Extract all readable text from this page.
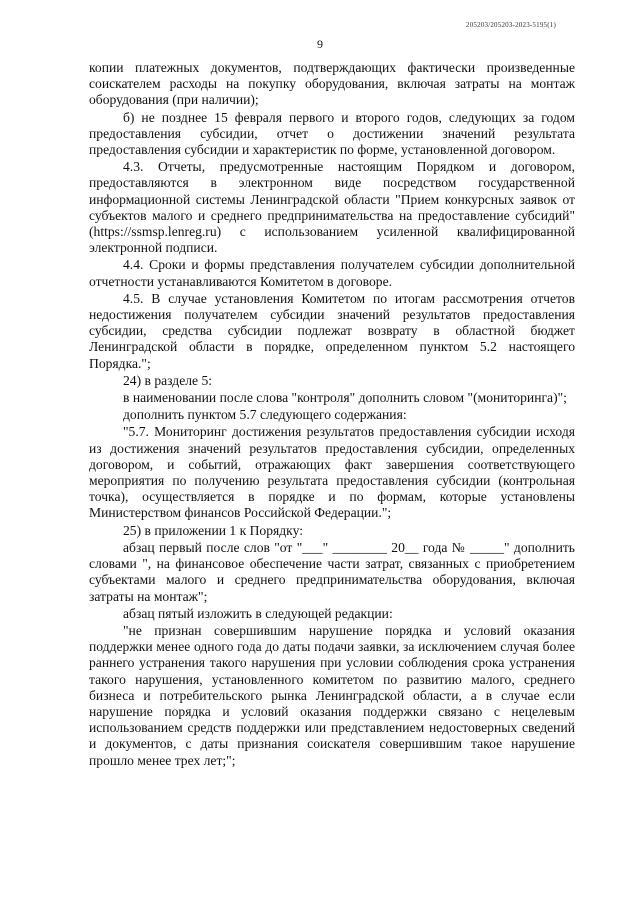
205203/205203-2023-5195(1)
9

копии платежных документов, подтверждающих фактически произведенные соискателем расходы на покупку оборудования, включая затраты на монтаж оборудования (при наличии);

б) не позднее 15 февраля первого и второго годов, следующих за годом предоставления субсидии, отчет о достижении значений результата предоставления субсидии и характеристик по форме, установленной договором.

4.3. Отчеты, предусмотренные настоящим Порядком и договором, предоставляются в электронном виде посредством государственной информационной системы Ленинградской области "Прием конкурсных заявок от субъектов малого и среднего предпринимательства на предоставление субсидий" (https://ssmsp.lenreg.ru) с использованием усиленной квалифицированной электронной подписи.

4.4. Сроки и формы представления получателем субсидии дополнительной отчетности устанавливаются Комитетом в договоре.

4.5. В случае установления Комитетом по итогам рассмотрения отчетов недостижения получателем субсидии значений результатов предоставления субсидии, средства субсидии подлежат возврату в областной бюджет Ленинградской области в порядке, определенном пунктом 5.2 настоящего Порядка.";

24) в разделе 5:

в наименовании после слова "контроля" дополнить словом "(мониторинга)";

дополнить пунктом 5.7 следующего содержания:

"5.7. Мониторинг достижения результатов предоставления субсидии исходя из достижения значений результатов предоставления субсидии, определенных договором, и событий, отражающих факт завершения соответствующего мероприятия по получению результата предоставления субсидии (контрольная точка), осуществляется в порядке и по формам, которые установлены Министерством финансов Российской Федерации.";

25) в приложении 1 к Порядку:

абзац первый после слов "от "___" ________ 20__ года № _____" дополнить словами ", на финансовое обеспечение части затрат, связанных с приобретением субъектами малого и среднего предпринимательства оборудования, включая затраты на монтаж";

абзац пятый изложить в следующей редакции:

"не признан совершившим нарушение порядка и условий оказания поддержки менее одного года до даты подачи заявки, за исключением случая более раннего устранения такого нарушения при условии соблюдения срока устранения такого нарушения, установленного комитетом по развитию малого, среднего бизнеса и потребительского рынка Ленинградской области, а в случае если нарушение порядка и условий оказания поддержки связано с нецелевым использованием средств поддержки или представлением недостоверных сведений и документов, с даты признания соискателя совершившим такое нарушение прошло менее трех лет;";
